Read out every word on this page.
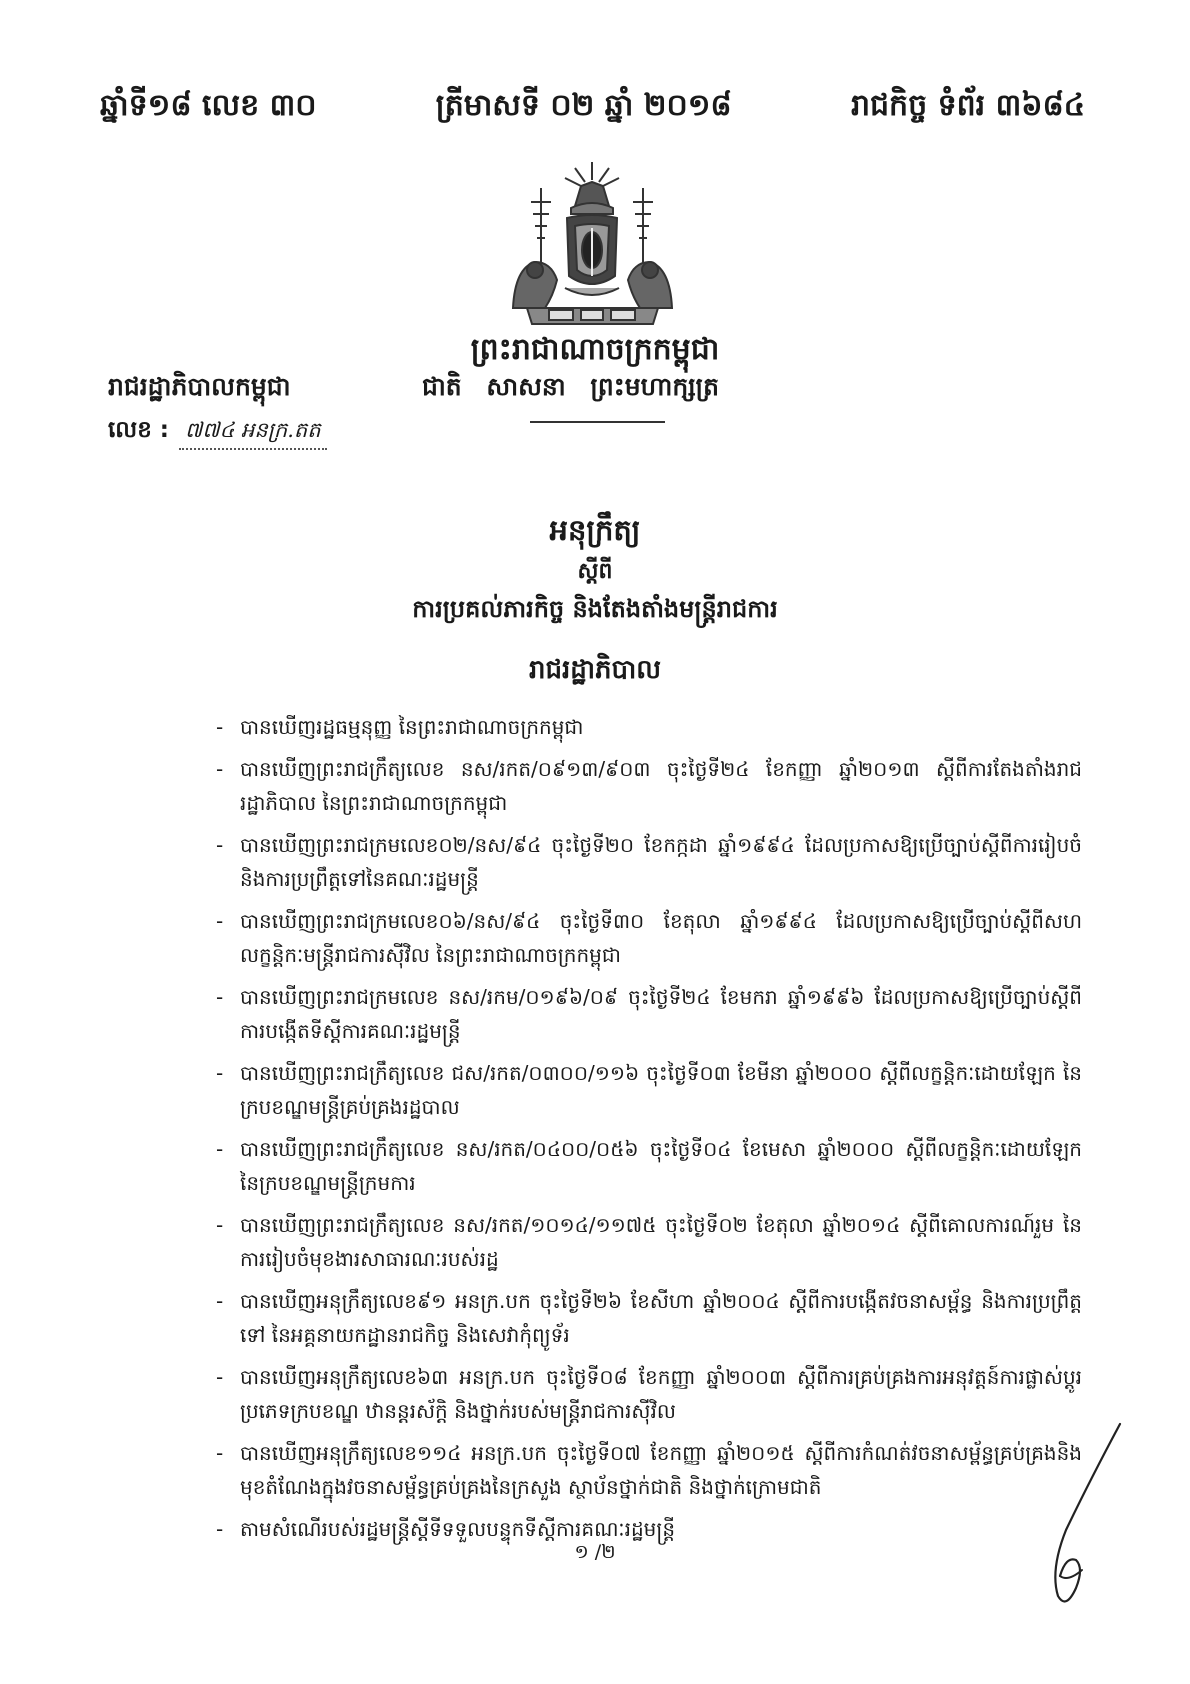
ឆ្នាំទី១៨ លេខ ៣០	ត្រីមាសទី ០២ ឆ្នាំ ២០១៨	រាជកិច្ច ទំព័រ ៣៦៨៤
ព្រះរាជាណាចក្រកម្ពុជា
រាជរដ្ឋាភិបាលកម្ពុជា	ជាតិ សាសនា ព្រះមហាក្សត្រ
លេខ : ៧៧៤ អនក្រ.តត
អនុក្រឹត្យ
ស្តីពី
ការប្រគល់ភារកិច្ច និងតែងតាំងមន្ត្រីរាជការ
រាជរដ្ឋាភិបាល
- បានឃើញរដ្ឋធម្មនុញ្ញ នៃព្រះរាជាណាចក្រកម្ពុជា
- បានឃើញព្រះរាជក្រឹត្យលេខ នស/រកត/០៩១៣/៩០៣ ចុះថ្ងៃទី២៤ ខែកញ្ញា ឆ្នាំ២០១៣ ស្តីពីការតែងតាំងរាជរដ្ឋាភិបាល នៃព្រះរាជាណាចក្រកម្ពុជា
- បានឃើញព្រះរាជក្រមលេខ០២/នស/៩៤ ចុះថ្ងៃទី២០ ខែកក្កដា ឆ្នាំ១៩៩៤ ដែលប្រកាសឱ្យប្រើច្បាប់ស្តីពីការរៀបចំ និងការប្រព្រឹត្តទៅនៃគណៈរដ្ឋមន្ត្រី
- បានឃើញព្រះរាជក្រមលេខ០៦/នស/៩៤ ចុះថ្ងៃទី៣០ ខែតុលា ឆ្នាំ១៩៩៤ ដែលប្រកាសឱ្យប្រើច្បាប់ស្តីពីសហលក្ខន្តិកៈមន្ត្រីរាជការស៊ីវិល នៃព្រះរាជាណាចក្រកម្ពុជា
- បានឃើញព្រះរាជក្រមលេខ នស/រកម/០១៩៦/០៩ ចុះថ្ងៃទី២៤ ខែមករា ឆ្នាំ១៩៩៦ ដែលប្រកាសឱ្យប្រើច្បាប់ស្តីពីការបង្កើតទីស្តីការគណៈរដ្ឋមន្ត្រី
- បានឃើញព្រះរាជក្រឹត្យលេខ ជស/រកត/០៣០០/១១៦ ចុះថ្ងៃទី០៣ ខែមីនា ឆ្នាំ២០០០ ស្តីពីលក្ខន្តិកៈដោយឡែក នៃក្របខណ្ឌមន្ត្រីគ្រប់គ្រងរដ្ឋបាល
- បានឃើញព្រះរាជក្រឹត្យលេខ នស/រកត/០៤០០/០៥៦ ចុះថ្ងៃទី០៤ ខែមេសា ឆ្នាំ២០០០ ស្តីពីលក្ខន្តិកៈដោយឡែក នៃក្របខណ្ឌមន្ត្រីក្រមការ
- បានឃើញព្រះរាជក្រឹត្យលេខ នស/រកត/១០១៤/១១៧៥ ចុះថ្ងៃទី០២ ខែតុលា ឆ្នាំ២០១៤ ស្តីពីគោលការណ៍រួម នៃការរៀបចំមុខងារសាធារណៈរបស់រដ្ឋ
- បានឃើញអនុក្រឹត្យលេខ៩១ អនក្រ.បក ចុះថ្ងៃទី២៦ ខែសីហា ឆ្នាំ២០០៤ ស្តីពីការបង្កើតវចនាសម្ព័ន្ធ និងការប្រព្រឹត្តទៅ នៃអគ្គនាយកដ្ឋានរាជកិច្ច និងសេវាកុំព្យូទ័រ
- បានឃើញអនុក្រឹត្យលេខ៦៣ អនក្រ.បក ចុះថ្ងៃទី០៨ ខែកញ្ញា ឆ្នាំ២០០៣ ស្តីពីការគ្រប់គ្រងការអនុវត្តន៍ការផ្លាស់ប្តូរប្រភេទក្របខណ្ឌ ឋានន្តរស័ក្តិ និងថ្នាក់របស់មន្ត្រីរាជការស៊ីវិល
- បានឃើញអនុក្រឹត្យលេខ១១៤ អនក្រ.បក ចុះថ្ងៃទី០៧ ខែកញ្ញា ឆ្នាំ២០១៥ ស្តីពីការកំណត់វចនាសម្ព័ន្ធគ្រប់គ្រងនិងមុខតំណែងក្នុងវចនាសម្ព័ន្ធគ្រប់គ្រងនៃក្រសួង ស្ថាប័នថ្នាក់ជាតិ និងថ្នាក់ក្រោមជាតិ
- តាមសំណើរបស់រដ្ឋមន្ត្រីស្តីទីទទួលបន្ទុកទីស្តីការគណៈរដ្ឋមន្ត្រី
១ /២
